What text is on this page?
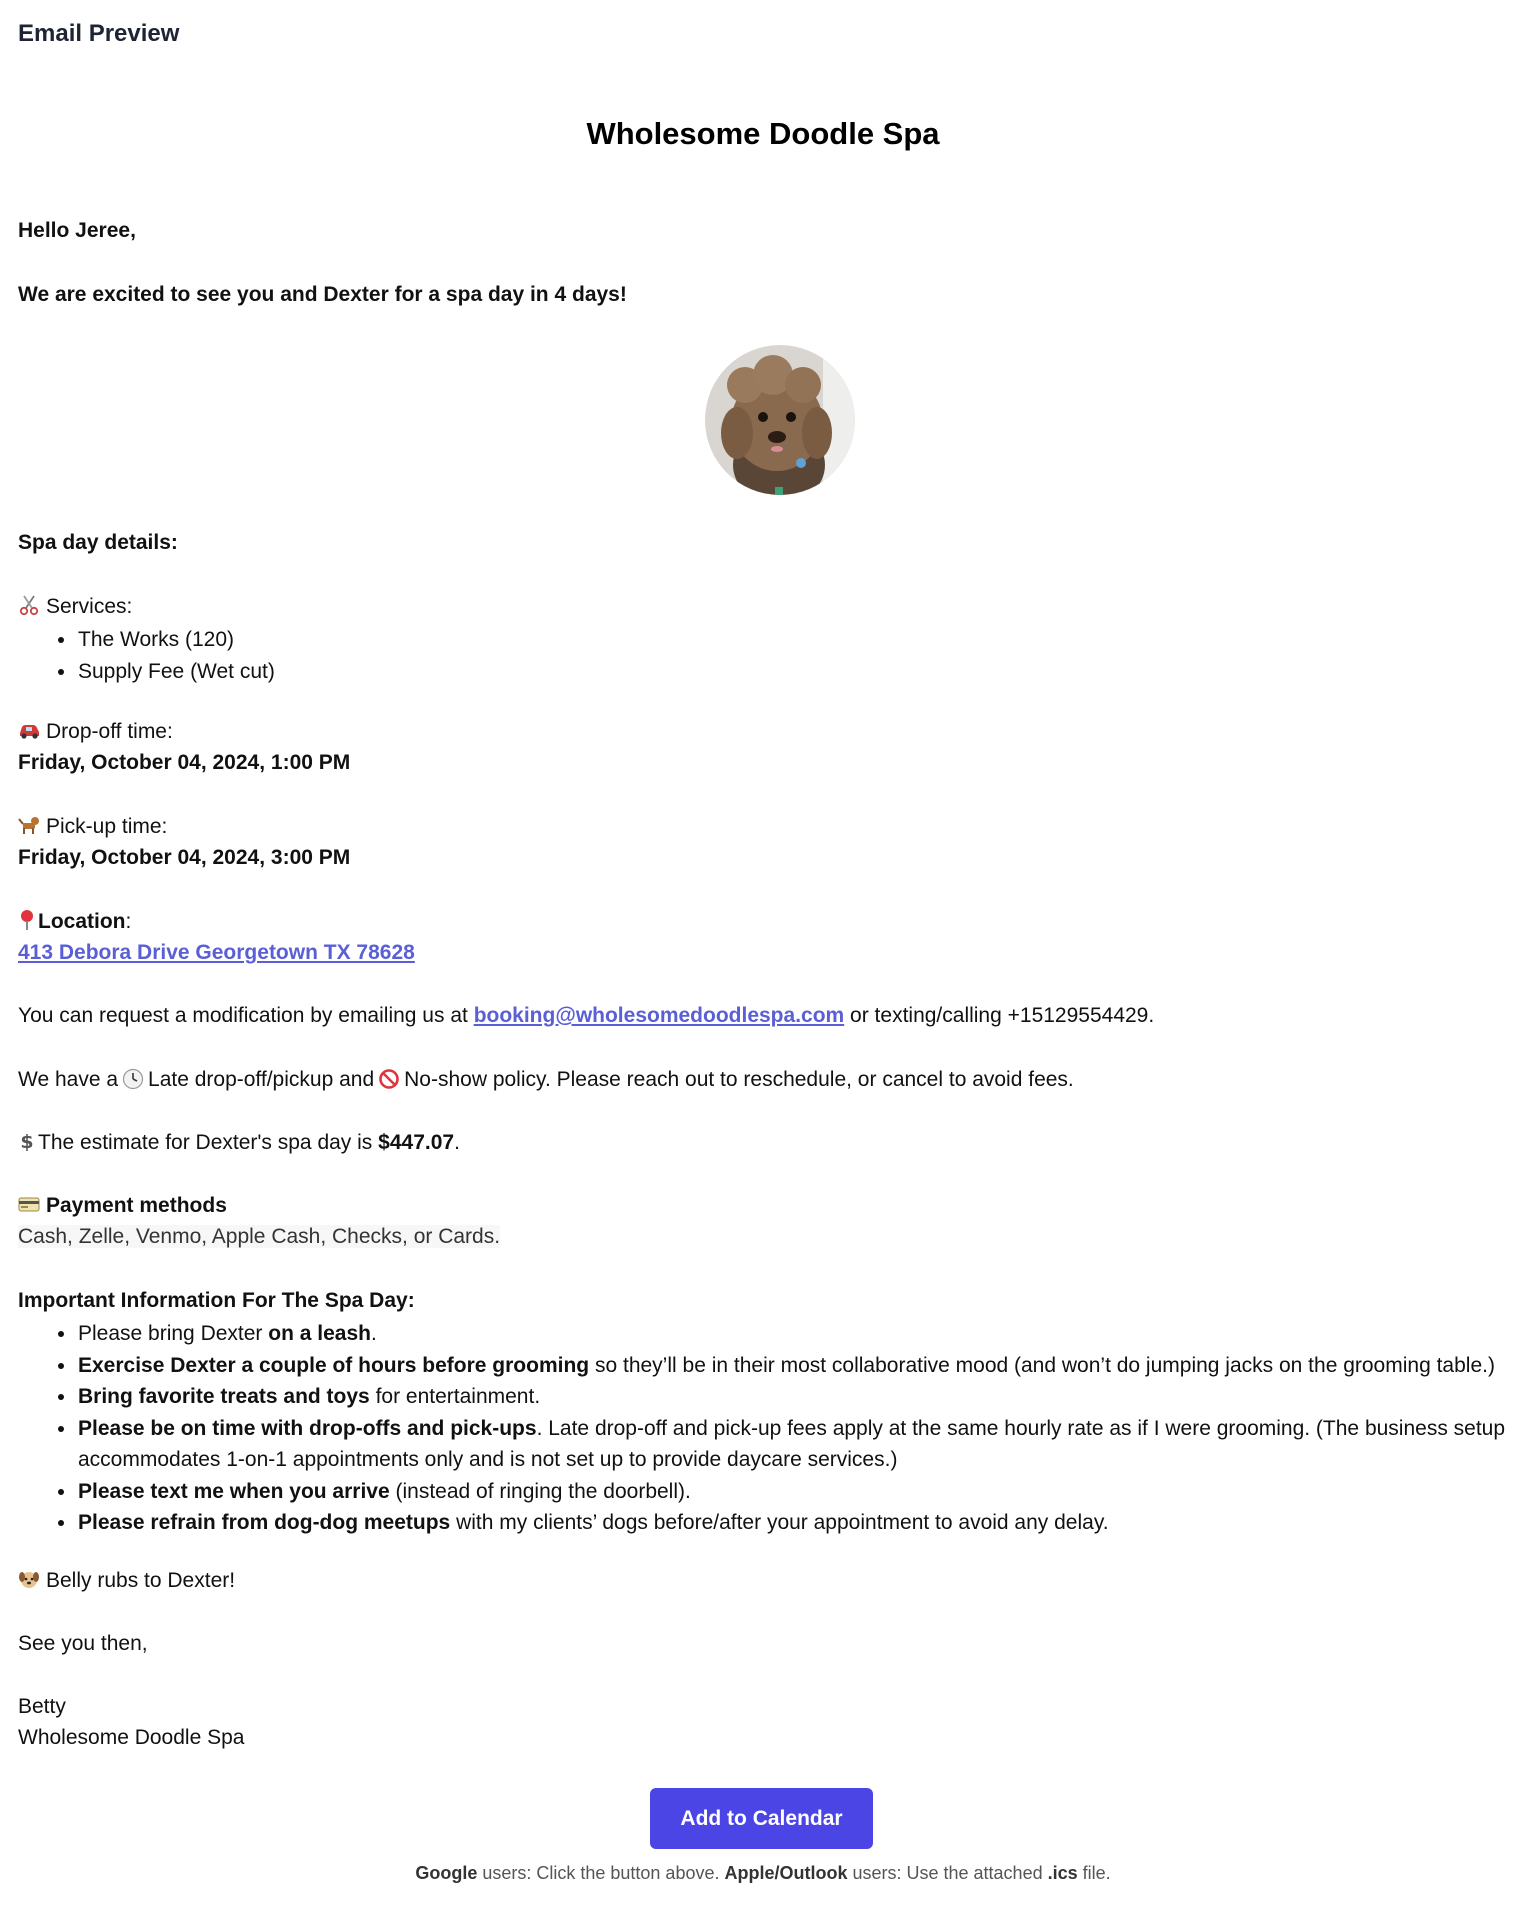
Email Preview
Wholesome Doodle Spa
Hello Jeree,
We are excited to see you and Dexter for a spa day in 4 days!
Spa day details:
Services:
The Works (120)
Supply Fee (Wet cut)
Drop-off time:
Friday, October 04, 2024, 1:00 PM
Pick-up time:
Friday, October 04, 2024, 3:00 PM
Location:
413 Debora Drive Georgetown TX 78628
You can request a modification by emailing us at booking@wholesomedoodlespa.com or texting/calling +15129554429.
We have a Late drop-off/pickup and No-show policy. Please reach out to reschedule, or cancel to avoid fees.
$ The estimate for Dexter's spa day is $447.07.
Payment methods
Cash, Zelle, Venmo, Apple Cash, Checks, or Cards.
Important Information For The Spa Day:
Please bring Dexter on a leash.
Exercise Dexter a couple of hours before grooming so they’ll be in their most collaborative mood (and won’t do jumping jacks on the grooming table.)
Bring favorite treats and toys for entertainment.
Please be on time with drop-offs and pick-ups. Late drop-off and pick-up fees apply at the same hourly rate as if I were grooming. (The business setup accommodates 1-on-1 appointments only and is not set up to provide daycare services.)
Please text me when you arrive (instead of ringing the doorbell).
Please refrain from dog-dog meetups with my clients’ dogs before/after your appointment to avoid any delay.
Belly rubs to Dexter!
See you then,
Betty
Wholesome Doodle Spa
Add to Calendar
Google users: Click the button above. Apple/Outlook users: Use the attached .ics file.
